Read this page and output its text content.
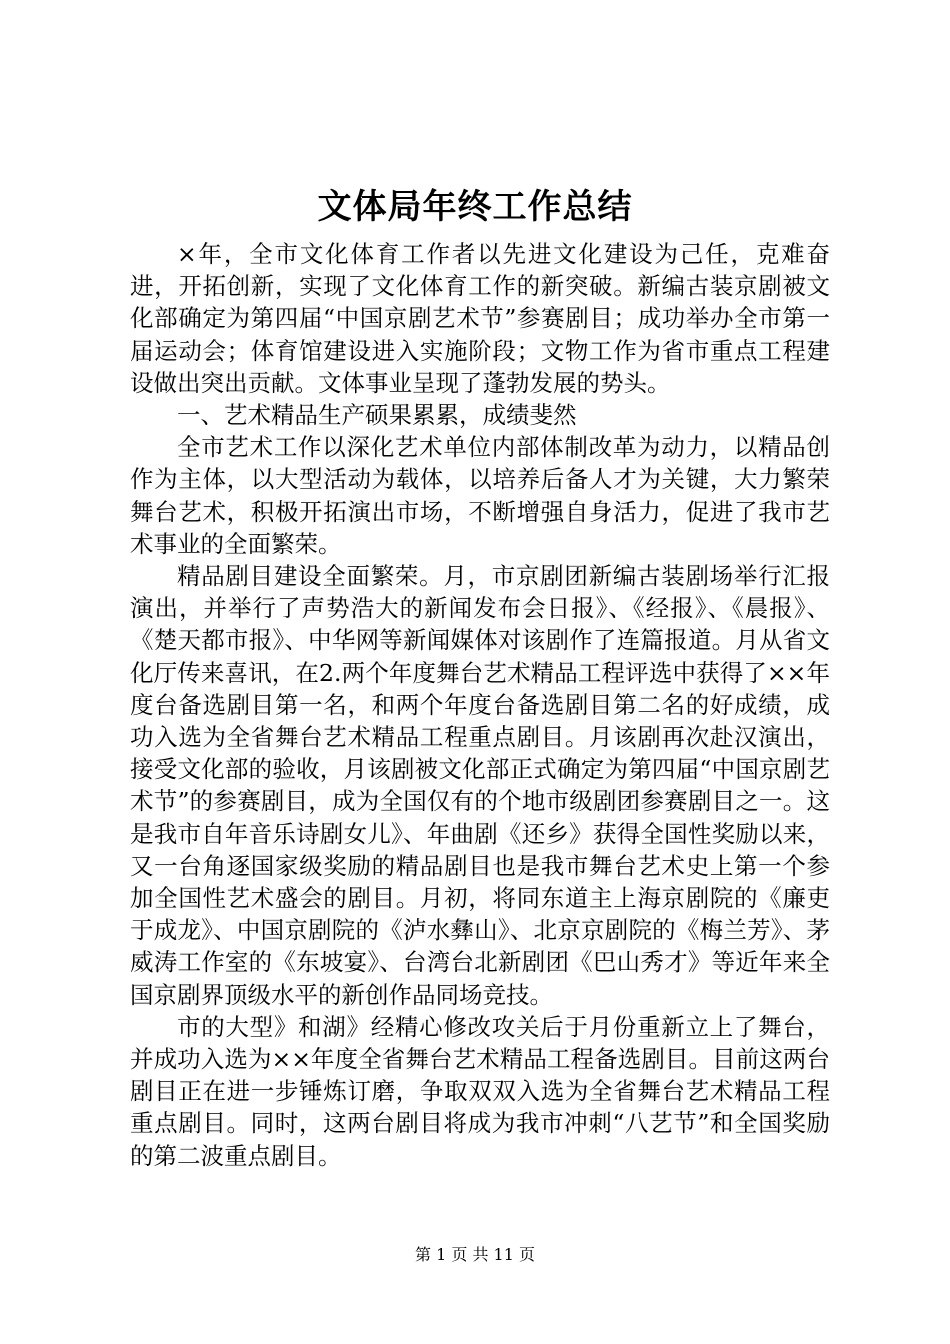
文体局年终工作总结

×年，全市文化体育工作者以先进文化建设为己任，克难奋进，开拓创新，实现了文化体育工作的新突破。新编古装京剧被文化部确定为第四届“中国京剧艺术节”参赛剧目；成功举办全市第一届运动会；体育馆建设进入实施阶段；文物工作为省市重点工程建设做出突出贡献。文体事业呈现了蓬勃发展的势头。

一、艺术精品生产硕果累累，成绩斐然

全市艺术工作以深化艺术单位内部体制改革为动力，以精品创作为主体，以大型活动为载体，以培养后备人才为关键，大力繁荣舞台艺术，积极开拓演出市场，不断增强自身活力，促进了我市艺术事业的全面繁荣。

精品剧目建设全面繁荣。月，市京剧团新编古装剧场举行汇报演出，并举行了声势浩大的新闻发布会日报》、《经报》、《晨报》、《楚天都市报》、中华网等新闻媒体对该剧作了连篇报道。月从省文化厅传来喜讯，在2.两个年度舞台艺术精品工程评选中获得了××年度台备选剧目第一名，和两个年度台备选剧目第二名的好成绩，成功入选为全省舞台艺术精品工程重点剧目。月该剧再次赴汉演出，接受文化部的验收，月该剧被文化部正式确定为第四届“中国京剧艺术节”的参赛剧目，成为全国仅有的个地市级剧团参赛剧目之一。这是我市自年音乐诗剧女儿》、年曲剧《还乡》获得全国性奖励以来，又一台角逐国家级奖励的精品剧目也是我市舞台艺术史上第一个参加全国性艺术盛会的剧目。月初，将同东道主上海京剧院的《廉吏于成龙》、中国京剧院的《泸水彝山》、北京京剧院的《梅兰芳》、茅威涛工作室的《东坡宴》、台湾台北新剧团《巴山秀才》等近年来全国京剧界顶级水平的新创作品同场竞技。

市的大型》和湖》经精心修改攻关后于月份重新立上了舞台，并成功入选为××年度全省舞台艺术精品工程备选剧目。目前这两台剧目正在进一步锤炼订磨，争取双双入选为全省舞台艺术精品工程重点剧目。同时，这两台剧目将成为我市冲刺“八艺节”和全国奖励的第二波重点剧目。

第 1 页 共 11 页
